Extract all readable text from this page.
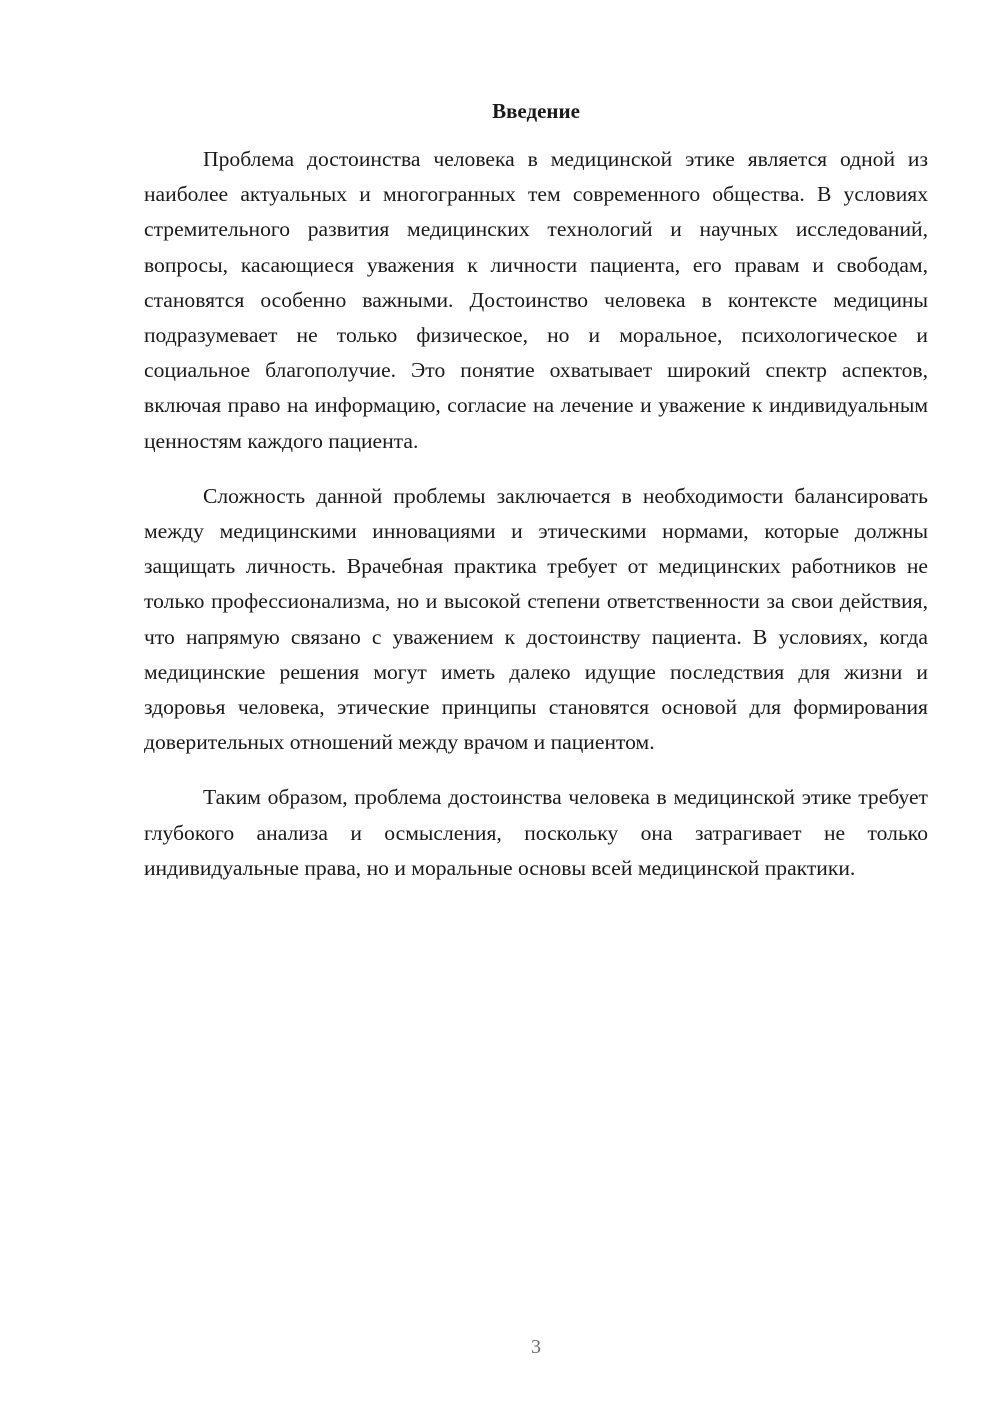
Введение

Проблема достоинства человека в медицинской этике является одной из наиболее актуальных и многогранных тем современного общества. В условиях стремительного развития медицинских технологий и научных исследований, вопросы, касающиеся уважения к личности пациента, его правам и свободам, становятся особенно важными. Достоинство человека в контексте медицины подразумевает не только физическое, но и моральное, психологическое и социальное благополучие. Это понятие охватывает широкий спектр аспектов, включая право на информацию, согласие на лечение и уважение к индивидуальным ценностям каждого пациента.

Сложность данной проблемы заключается в необходимости балансировать между медицинскими инновациями и этическими нормами, которые должны защищать личность. Врачебная практика требует от медицинских работников не только профессионализма, но и высокой степени ответственности за свои действия, что напрямую связано с уважением к достоинству пациента. В условиях, когда медицинские решения могут иметь далеко идущие последствия для жизни и здоровья человека, этические принципы становятся основой для формирования доверительных отношений между врачом и пациентом.

Таким образом, проблема достоинства человека в медицинской этике требует глубокого анализа и осмысления, поскольку она затрагивает не только индивидуальные права, но и моральные основы всей медицинской практики.

3
